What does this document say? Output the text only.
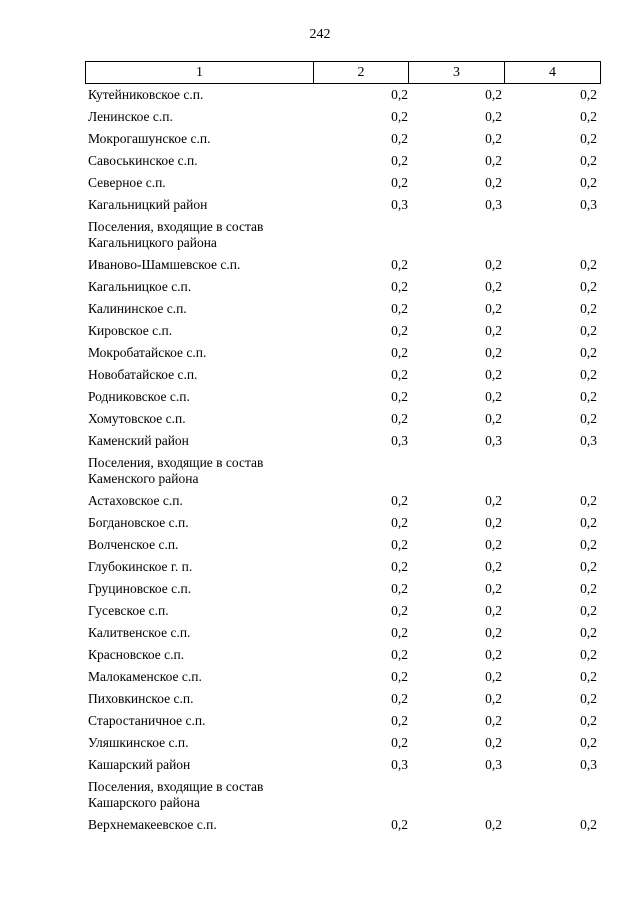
242
1	2	3	4
Кутейниковское с.п.	0,2	0,2	0,2
Ленинское с.п.	0,2	0,2	0,2
Мокрогашунское с.п.	0,2	0,2	0,2
Савоськинское с.п.	0,2	0,2	0,2
Северное с.п.	0,2	0,2	0,2
Кагальницкий район	0,3	0,3	0,3
Поселения, входящие в состав Кагальницкого района
Иваново-Шамшевское с.п.	0,2	0,2	0,2
Кагальницкое с.п.	0,2	0,2	0,2
Калининское с.п.	0,2	0,2	0,2
Кировское с.п.	0,2	0,2	0,2
Мокробатайское с.п.	0,2	0,2	0,2
Новобатайское с.п.	0,2	0,2	0,2
Родниковское с.п.	0,2	0,2	0,2
Хомутовское с.п.	0,2	0,2	0,2
Каменский район	0,3	0,3	0,3
Поселения, входящие в состав Каменского района
Астаховское с.п.	0,2	0,2	0,2
Богдановское с.п.	0,2	0,2	0,2
Волченское с.п.	0,2	0,2	0,2
Глубокинское г. п.	0,2	0,2	0,2
Груциновское с.п.	0,2	0,2	0,2
Гусевское с.п.	0,2	0,2	0,2
Калитвенское с.п.	0,2	0,2	0,2
Красновское с.п.	0,2	0,2	0,2
Малокаменское с.п.	0,2	0,2	0,2
Пиховкинское с.п.	0,2	0,2	0,2
Старостаничное с.п.	0,2	0,2	0,2
Уляшкинское с.п.	0,2	0,2	0,2
Кашарский район	0,3	0,3	0,3
Поселения, входящие в состав Кашарского района
Верхнемакеевское с.п.	0,2	0,2	0,2
